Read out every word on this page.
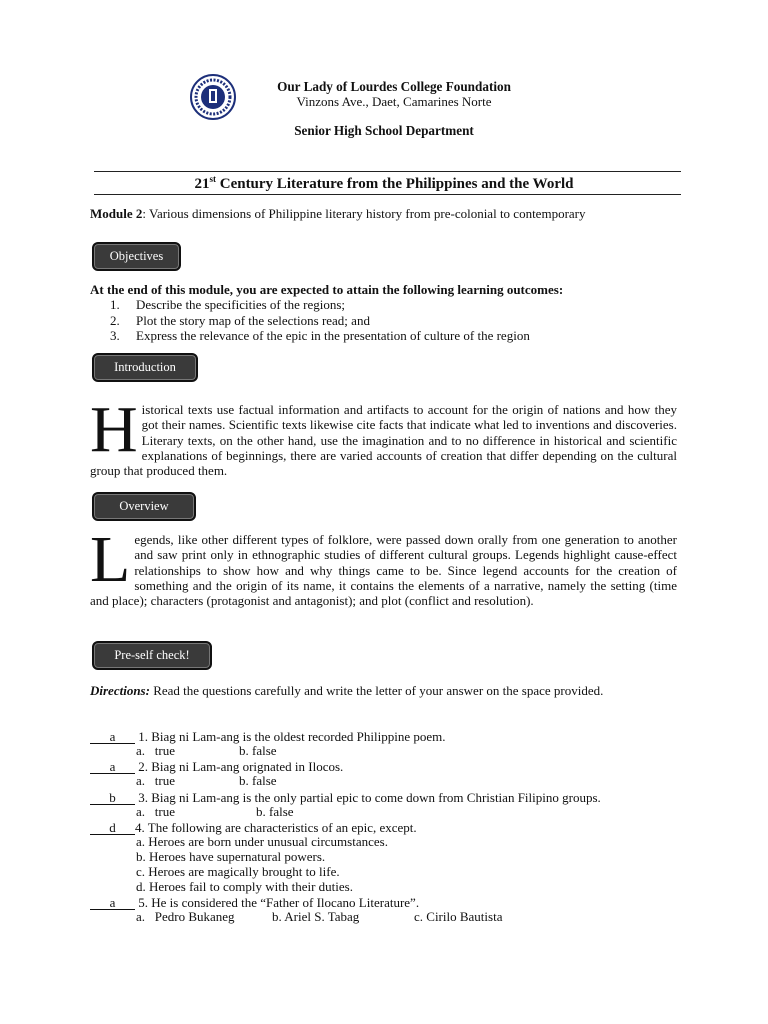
Our Lady of Lourdes College Foundation
Vinzons Ave., Daet, Camarines Norte
Senior High School Department
21st Century Literature from the Philippines and the World
Module 2: Various dimensions of Philippine literary history from pre-colonial to contemporary
Objectives
At the end of this module, you are expected to attain the following learning outcomes:
1. Describe the specificities of the regions;
2. Plot the story map of the selections read; and
3. Express the relevance of the epic in the presentation of culture of the region
Introduction
Historical texts use factual information and artifacts to account for the origin of nations and how they got their names. Scientific texts likewise cite facts that indicate what led to inventions and discoveries. Literary texts, on the other hand, use the imagination and to no difference in historical and scientific explanations of beginnings, there are varied accounts of creation that differ depending on the cultural group that produced them.
Overview
Legends, like other different types of folklore, were passed down orally from one generation to another and saw print only in ethnographic studies of different cultural groups. Legends highlight cause-effect relationships to show how and why things came to be. Since legend accounts for the creation of something and the origin of its name, it contains the elements of a narrative, namely the setting (time and place); characters (protagonist and antagonist); and plot (conflict and resolution).
Pre-self check!
Directions: Read the questions carefully and write the letter of your answer on the space provided.
a 1. Biag ni Lam-ang is the oldest recorded Philippine poem.
a.   true	b. false
a 2. Biag ni Lam-ang orignated in Ilocos.
a.   true	b. false
b 3. Biag ni Lam-ang is the only partial epic to come down from Christian Filipino groups.
a.   true	b. false
d 4. The following are characteristics of an epic, except.
a. Heroes are born under unusual circumstances.
b. Heroes have supernatural powers.
c. Heroes are magically brought to life.
d. Heroes fail to comply with their duties.
a 5. He is considered the “Father of Ilocano Literature”.
a.   Pedro Bukaneg	b. Ariel S. Tabag	c. Cirilo Bautista
